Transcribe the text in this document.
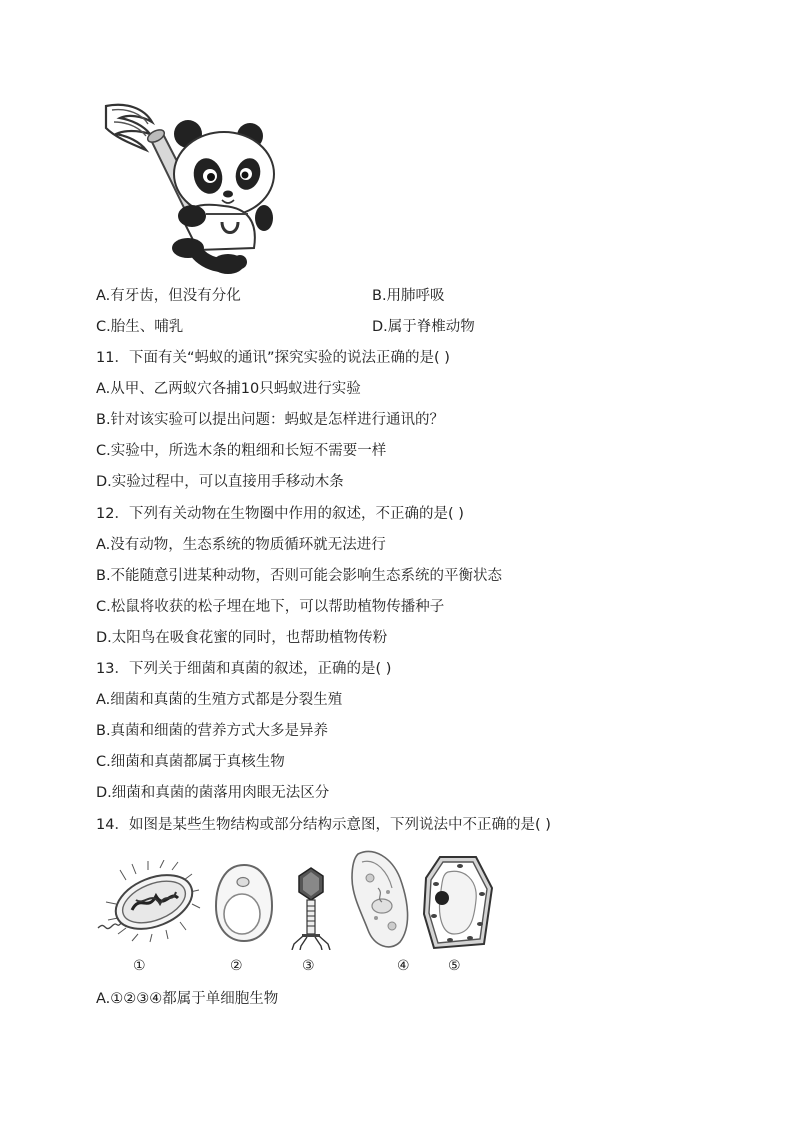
A.有牙齿，但没有分化	B.用肺呼吸
C.胎生、哺乳	D.属于脊椎动物
11．下面有关“蚂蚁的通讯”探究实验的说法正确的是( )
A.从甲、乙两蚁穴各捕10只蚂蚁进行实验
B.针对该实验可以提出问题：蚂蚁是怎样进行通讯的？
C.实验中，所选木条的粗细和长短不需要一样
D.实验过程中，可以直接用手移动木条
12．下列有关动物在生物圈中作用的叙述，不正确的是( )
A.没有动物，生态系统的物质循环就无法进行
B.不能随意引进某种动物，否则可能会影响生态系统的平衡状态
C.松鼠将收获的松子埋在地下，可以帮助植物传播种子
D.太阳鸟在吸食花蜜的同时，也帮助植物传粉
13．下列关于细菌和真菌的叙述，正确的是( )
A.细菌和真菌的生殖方式都是分裂生殖
B.真菌和细菌的营养方式大多是异养
C.细菌和真菌都属于真核生物
D.细菌和真菌的菌落用肉眼无法区分
14．如图是某些生物结构或部分结构示意图，下列说法中不正确的是( )
①	②	③	④	⑤
A.①②③④都属于单细胞生物
